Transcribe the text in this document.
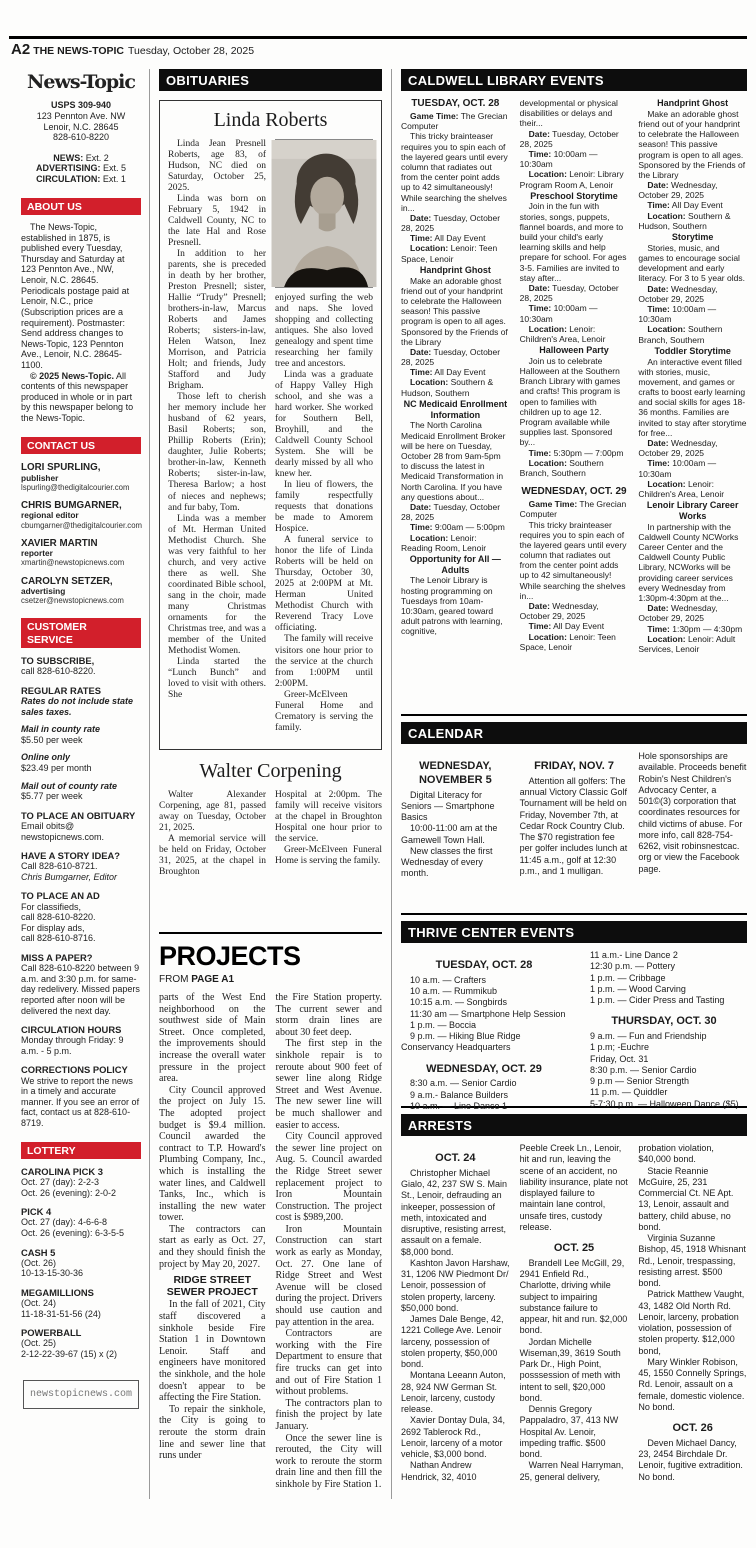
A2 THE NEWS-TOPIC Tuesday, October 28, 2025
News-Topic
USPS 309-940
123 Pennton Ave. NW
Lenoir, N.C. 28645
828-610-8220
NEWS: Ext. 2
ADVERTISING: Ext. 5
CIRCULATION: Ext. 1
ABOUT US

The News-Topic, established in 1875, is published every Tuesday, Thursday and Saturday at 123 Pennton Ave., NW, Lenoir, N.C. 28645. Periodicals postage paid at Lenoir, N.C., price (Subscription prices are a requirement). Postmaster: Send address changes to News-Topic, 123 Pennton Ave., Lenoir, N.C. 28645-1100.

© 2025 News-Topic. All contents of this newspaper produced in whole or in part by this newspaper belong to the News-Topic.

CONTACT US
LORI SPURLING,
publisher
lspurling@thedigitalcourier.com
CHRIS BUMGARNER,
regional editor
cbumgarner@thedigitalcourier.com
XAVIER MARTIN
reporter
xmartin@newstopicnews.com
CAROLYN SETZER,
advertising
csetzer@newstopicnews.com
CUSTOMER SERVICE
TO SUBSCRIBE,
call 828-610-8220.
REGULAR RATES
Rates do not include state sales taxes.
Mail in county rate
$5.50 per week
Online only
$23.49 per month
Mail out of county rate
$5.77 per week
TO PLACE AN OBITUARY
Email obits@
newstopicnews.com.
HAVE A STORY IDEA?
Call 828-610-8721.
Chris Bumgarner, Editor
TO PLACE AN AD
For classifieds,
call 828-610-8220.
For display ads,
call 828-610-8716.
MISS A PAPER?
Call 828-610-8220 between 9 a.m. and 3:30 p.m. for same-day redelivery. Missed papers reported after noon will be delivered the next day.
CIRCULATION HOURS
Monday through Friday: 9 a.m. - 5 p.m.
CORRECTIONS POLICY
We strive to report the news in a timely and accurate manner. If you see an error of fact, contact us at 828-610-8719.
LOTTERY
CAROLINA PICK 3
Oct. 27 (day): 2-2-3
Oct. 26 (evening): 2-0-2
PICK 4
Oct. 27 (day): 4-6-6-8
Oct. 26 (evening): 6-3-5-5
CASH 5
(Oct. 26)
10-13-15-30-36
MEGAMILLIONS
(Oct. 24)
11-18-31-51-56 (24)
POWERBALL
(Oct. 25)
2-12-22-39-67 (15) x (2)
newstopicnews.com
OBITUARIES
Linda Roberts

Linda Jean Presnell Roberts, age 83, of Hudson, NC died on Saturday, October 25, 2025.

Linda was born on February 5, 1942 in Caldwell County, NC to the late Hal and Rose Presnell.

In addition to her parents, she is preceded in death by her brother, Preston Presnell; sister, Hallie “Trudy” Presnell; brothers-in-law, Marcus Roberts and James Roberts; sisters-in-law, Helen Watson, Inez Morrison, and Patricia Holt; and friends, Judy Stafford and Judy Brigham.

Those left to cherish her memory include her husband of 62 years, Basil Roberts; son, Phillip Roberts (Erin); daughter, Julie Roberts; brother-in-law, Kenneth Roberts; sister-in-law, Theresa Barlow; a host of nieces and nephews; and fur baby, Tom.

Linda was a member of Mt. Herman United Methodist Church. She was very faithful to her church, and very active there as well. She coordinated Bible school, sang in the choir, made many Christmas ornaments for the Christmas tree, and was a member of the United Methodist Women.

Linda started the “Lunch Bunch” and loved to visit with others. She

enjoyed surfing the web and naps. She loved shopping and collecting antiques. She also loved genealogy and spent time researching her family tree and ancestors.

Linda was a graduate of Happy Valley High school, and she was a hard worker. She worked for Southern Bell, Broyhill, and the Caldwell County School System. She will be dearly missed by all who knew her.

In lieu of flowers, the family respectfully requests that donations be made to Amorem Hospice.

A funeral service to honor the life of Linda Roberts will be held on Thursday, October 30, 2025 at 2:00PM at Mt. Herman United Methodist Church with Reverend Tracy Love officiating.

The family will receive visitors one hour prior to the service at the church from 1:00PM until 2:00PM.

Greer-McElveen Funeral Home and Crematory is serving the family.

Walter Corpening

Walter Alexander Corpening, age 81, passed away on Tuesday, October 21, 2025.

A memorial service will be held on Friday, October 31, 2025, at the chapel in Broughton

Hospital at 2:00pm. The family will receive visitors at the chapel in Broughton Hospital one hour prior to the service.

Greer-McElveen Funeral Home is serving the family.

PROJECTS
FROM PAGE A1
parts of the West End neighborhood on the southwest side of Main Street. Once completed, the improvements should increase the overall water pressure in the project area.

City Council approved the project on July 15. The adopted project budget is $9.4 million. Council awarded the contract to T.P. Howard's Plumbing Company, Inc., which is installing the water lines, and Caldwell Tanks, Inc., which is installing the new water tower.

The contractors can start as early as Oct. 27, and they should finish the project by May 20, 2027.

RIDGE STREET SEWER PROJECT

In the fall of 2021, City staff discovered a sinkhole beside Fire Station 1 in Downtown Lenoir. Staff and engineers have monitored the sinkhole, and the hole doesn't appear to be affecting the Fire Station.

To repair the sinkhole, the City is going to reroute the storm drain line and sewer line that runs under

the Fire Station property. The current sewer and storm drain lines are about 30 feet deep.

The first step in the sinkhole repair is to reroute about 900 feet of sewer line along Ridge Street and West Avenue. The new sewer line will be much shallower and easier to access.

City Council approved the sewer line project on Aug. 5. Council awarded the Ridge Street sewer replacement project to Iron Mountain Construction. The project cost is $989,200.

Iron Mountain Construction can start work as early as Monday, Oct. 27. One lane of Ridge Street and West Avenue will be closed during the project. Drivers should use caution and pay attention in the area.

Contractors are working with the Fire Department to ensure that fire trucks can get into and out of Fire Station 1 without problems.

The contractors plan to finish the project by late January.

Once the sewer line is rerouted, the City will work to reroute the storm drain line and then fill the sinkhole by Fire Station 1.

CALDWELL LIBRARY EVENTS
TUESDAY, OCT. 28

Game Time: The Grecian Computer

This tricky brainteaser requires you to spin each of the layered gears until every column that radiates out from the center point adds up to 42 simultaneously! While searching the shelves in...

Date: Tuesday, October 28, 2025

Time: All Day Event

Location: Lenoir: Teen Space, Lenoir

Handprint Ghost

Make an adorable ghost friend out of your handprint to celebrate the Halloween season! This passive program is open to all ages. Sponsored by the Friends of the Library

Date: Tuesday, October 28, 2025

Time: All Day Event

Location: Southern & Hudson, Southern

NC Medicaid Enrollment Information

The North Carolina Medicaid Enrollment Broker will be here on Tuesday, October 28 from 9am-5pm to discuss the latest in Medicaid Transformation in North Carolina. If you have any questions about...

Date: Tuesday, October 28, 2025

Time: 9:00am — 5:00pm

Location: Lenoir: Reading Room, Lenoir

Opportunity for All — Adults

The Lenoir Library is hosting programming on Tuesdays from 10am-10:30am, geared toward adult patrons with learning, cognitive,

developmental or physical disabilities or delays and their...

Date: Tuesday, October 28, 2025

Time: 10:00am — 10:30am

Location: Lenoir: Library Program Room A, Lenoir

Preschool Storytime

Join in the fun with stories, songs, puppets, flannel boards, and more to build your child's early learning skills and help prepare for school. For ages 3-5. Families are invited to stay after...

Date: Tuesday, October 28, 2025

Time: 10:00am — 10:30am

Location: Lenoir: Children's Area, Lenoir

Halloween Party

Join us to celebrate Halloween at the Southern Branch Library with games and crafts! This program is open to families with children up to age 12. Program available while supplies last. Sponsored by...

Time: 5:30pm — 7:00pm

Location: Southern Branch, Southern

WEDNESDAY, OCT. 29

Game Time: The Grecian Computer

This tricky brainteaser requires you to spin each of the layered gears until every column that radiates out from the center point adds up to 42 simultaneously! While searching the shelves in...

Date: Wednesday, October 29, 2025

Time: All Day Event

Location: Lenoir: Teen Space, Lenoir

Handprint Ghost

Make an adorable ghost friend out of your handprint to celebrate the Halloween season! This passive program is open to all ages. Sponsored by the Friends of the Library

Date: Wednesday, October 29, 2025

Time: All Day Event

Location: Southern & Hudson, Southern

Storytime

Stories, music, and games to encourage social development and early literacy. For 3 to 5 year olds.

Date: Wednesday, October 29, 2025

Time: 10:00am — 10:30am

Location: Southern Branch, Southern

Toddler Storytime

An interactive event filled with stories, music, movement, and games or crafts to boost early learning and social skills for ages 18-36 months. Families are invited to stay after storytime for free...

Date: Wednesday, October 29, 2025

Time: 10:00am — 10:30am

Location: Lenoir: Children's Area, Lenoir

Lenoir Library Career Works

In partnership with the Caldwell County NCWorks Career Center and the Caldwell County Public Library, NCWorks will be providing career services every Wednesday from 1:30pm-4:30pm at the...

Date: Wednesday, October 29, 2025

Time: 1:30pm — 4:30pm

Location: Lenoir: Adult Services, Lenoir

CALENDAR
WEDNESDAY, NOVEMBER 5

Digital Literacy for Seniors — Smartphone Basics

10:00-11:00 am at the Gamewell Town Hall.

New classes the first Wednesday of every month.

FRIDAY, NOV. 7

Attention all golfers: The annual Victory Classic Golf Tournament will be held on Friday, November 7th, at Cedar Rock Country Club. The $70 registration fee per golfer includes lunch at 11:45 a.m., golf at 12:30 p.m., and 1 mulligan.

Hole sponsorships are available. Proceeds benefit Robin's Nest Children's Advocacy Center, a 501©(3) corporation that coordinates resources for child victims of abuse. For more info, call 828-754-6262, visit robinsnestcac. org or view the Facebook page.
THRIVE CENTER EVENTS
TUESDAY, OCT. 28

10 a.m. — Crafters

10 a.m. — Rummikub

10:15 a.m. — Songbirds

11:30 am — Smartphone Help Session

1 p.m. — Boccia

9 p.m. — Hiking Blue Ridge Conservancy Headquarters

WEDNESDAY, OCT. 29

8:30 a.m. — Senior Cardio

9 a.m.- Balance Builders

10 a.m. — Line Dance 1

11 a.m.- Line Dance 2

12:30 p.m. — Pottery

1 p.m. — Cribbage

1 p.m. — Wood Carving

1 p.m. — Cider Press and Tasting

THURSDAY, OCT. 30

9 a.m. — Fun and Friendship

1 p.m; -Euchre

Friday, Oct. 31

8:30 p.m. — Senior Cardio

9 p.m — Senior Strength

11 p.m. — Quiddler

5-7:30 p.m. — Halloween Dance ($5)

ARRESTS
OCT. 24

Christopher Michael Gialo, 42, 237 SW S. Main St., Lenoir, defrauding an inkeeper, possession of meth, intoxicated and disruptive, resisting arrest, assault on a female. $8,000 bond.

Kashton Javon Harshaw, 31, 1206 NW Piedmont Dr/ Lenoir, possession of stolen property, larceny. $50,000 bond.

James Dale Benge, 42, 1221 College Ave. Lenoir larceny, possession of stolen property, $50,000 bond.

Montana Leeann Auton, 28, 924 NW German St. Lenoir, larceny, custody release.

Xavier Dontay Dula, 34, 2692 Tablerock Rd., Lenoir, larceny of a motor vehicle, $3,000 bond.

Nathan Andrew Hendrick, 32, 4010

Peeble Creek Ln., Lenoir, hit and run, leaving the scene of an accident, no liability insurance, plate not displayed failure to maintain lane control, unsafe tires, custody release.
OCT. 25

Brandell Lee McGill, 29, 2941 Enfield Rd., Charlotte, driving while subject to impairing substance failure to appear, hit and run. $2,000 bond.

Jordan Michelle Wiseman,39, 3619 South Park Dr., High Point, posssession of meth with intent to sell, $20,000 bond.

Dennis Gregory Pappaladro, 37, 413 NW Hospital Av. Lenoir, impeding traffic. $500 bond.

Warren Neal Harryman, 25, general delivery,

probation violation, $40,000 bond.

Stacie Reannie McGuire, 25, 231 Commercial Ct. NE Apt. 13, Lenoir, assault and battery, child abuse, no bond.

Virginia Suzanne Bishop, 45, 1918 Whisnant Rd., Lenoir, trespassing, resisting arrest. $500 bond.

Patrick Matthew Vaught, 43, 1482 Old North Rd. Lenoir, larceny, probation violation, possession of stolen property. $12,000 bond,

Mary Winkler Robison, 45, 1550 Connelly Springs, Rd. Lenoir, assault on a female, domestic violence. No bond.

OCT. 26

Deven Michael Dancy, 23, 2454 Birchdale Dr. Lenoir, fugitive extradition. No bond.
